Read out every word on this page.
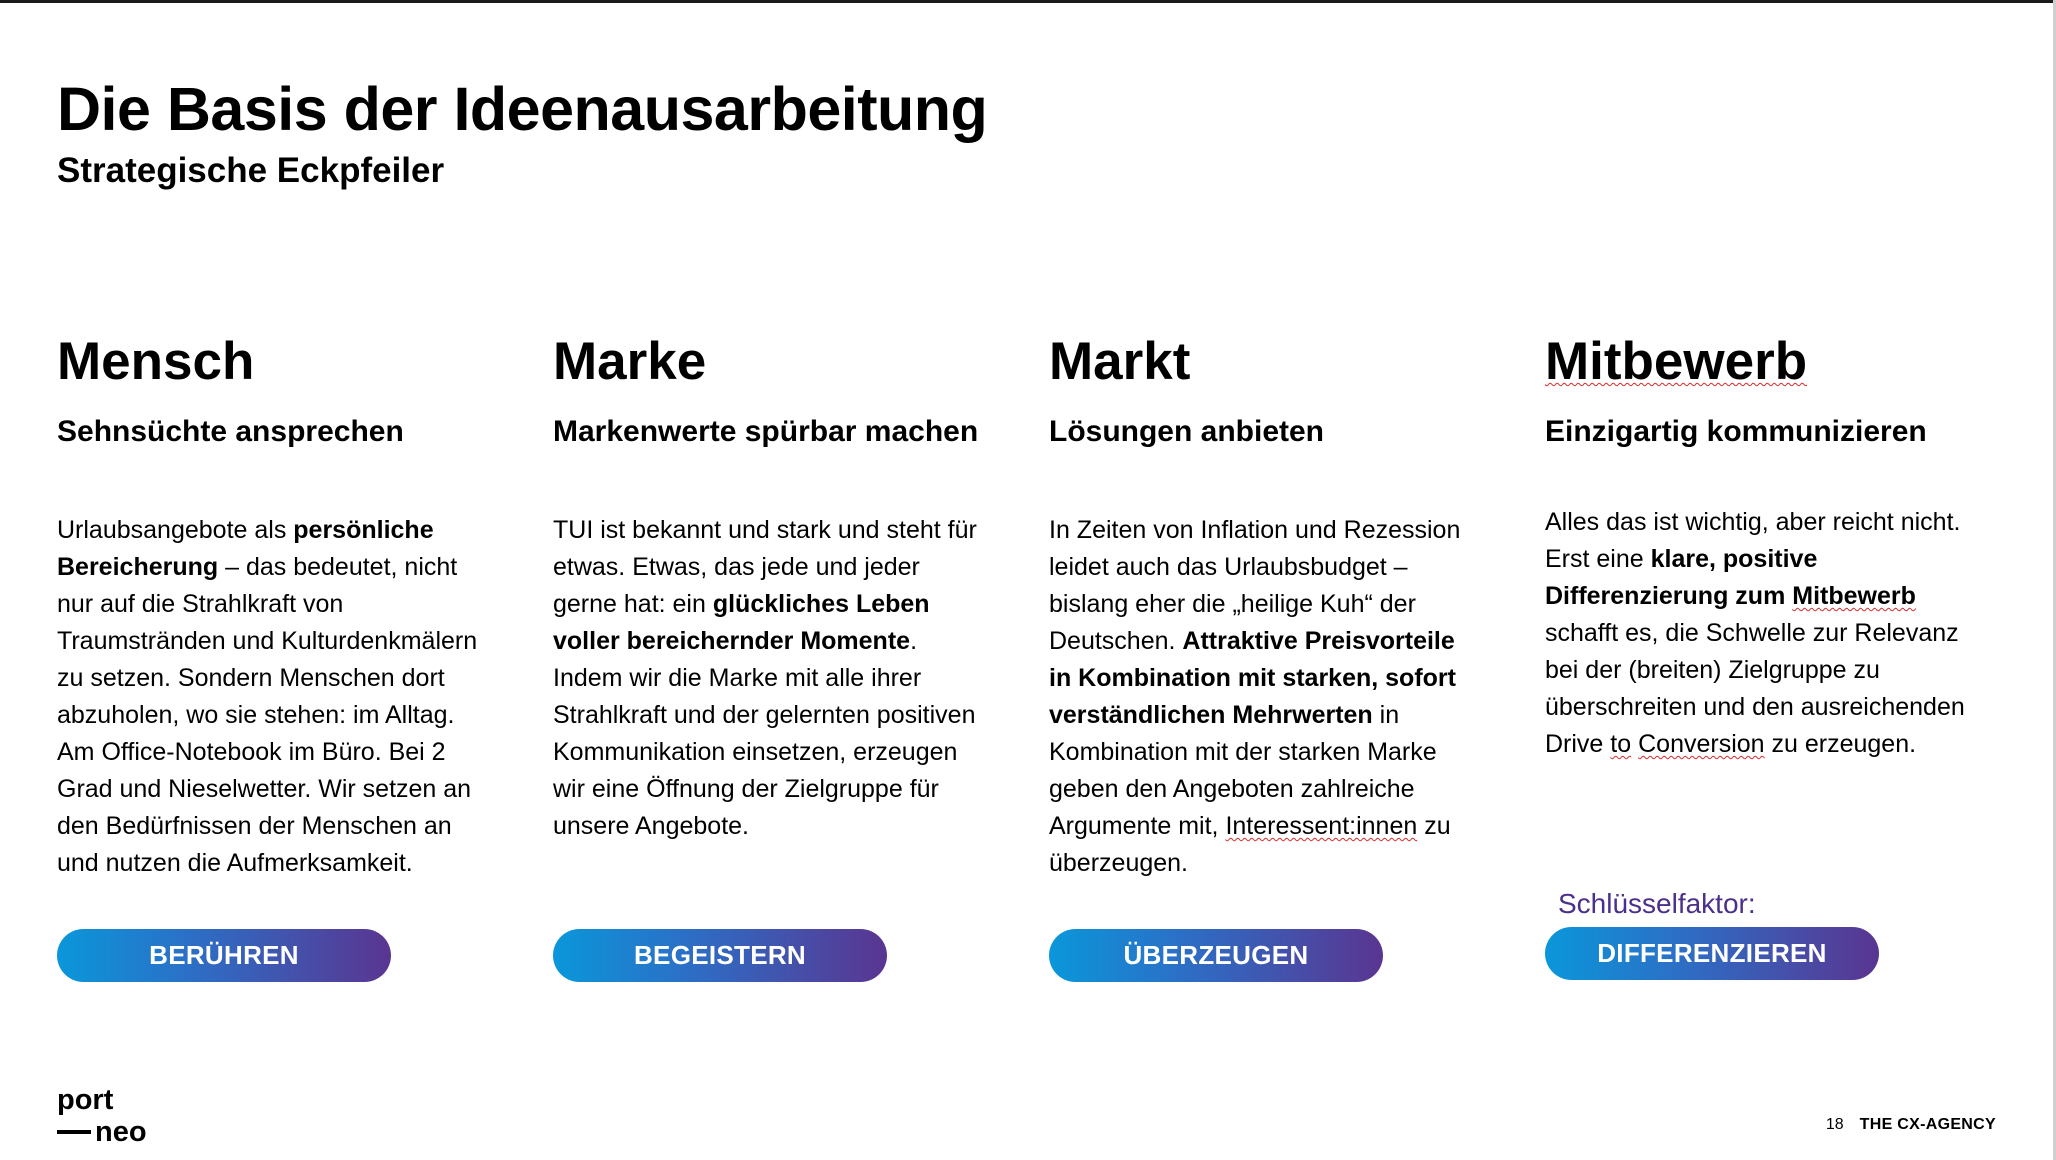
Die Basis der Ideenausarbeitung
Strategische Eckpfeiler
Mensch

Sehnsüchte ansprechen

Urlaubsangebote als persönliche Bereicherung – das bedeutet, nicht nur auf die Strahlkraft von Traumstränden und Kulturdenkmälern zu setzen. Sondern Menschen dort abzuholen, wo sie stehen: im Alltag. Am Office-Notebook im Büro. Bei 2 Grad und Nieselwetter. Wir setzen an den Bedürfnissen der Menschen an und nutzen die Aufmerksamkeit.
BERÜHREN
Marke

Markenwerte spürbar machen

TUI ist bekannt und stark und steht für etwas. Etwas, das jede und jeder gerne hat: ein glückliches Leben voller bereichernder Momente. Indem wir die Marke mit alle ihrer Strahlkraft und der gelernten positiven Kommunikation einsetzen, erzeugen wir eine Öffnung der Zielgruppe für unsere Angebote.
BEGEISTERN
Markt

Lösungen anbieten

In Zeiten von Inflation und Rezession leidet auch das Urlaubsbudget – bislang eher die „heilige Kuh“ der Deutschen. Attraktive Preisvorteile in Kombination mit starken, sofort verständlichen Mehrwerten in Kombination mit der starken Marke geben den Angeboten zahlreiche Argumente mit, Interessent:innen zu überzeugen.
ÜBERZEUGEN
Mitbewerb

Einzigartig kommunizieren

Alles das ist wichtig, aber reicht nicht. Erst eine klare, positive Differenzierung zum Mitbewerb schafft es, die Schwelle zur Relevanz bei der (breiten) Zielgruppe zu überschreiten und den ausreichenden Drive to Conversion zu erzeugen.
Schlüsselfaktor:
DIFFERENZIEREN

port

neo	18 THE CX-AGENCY
